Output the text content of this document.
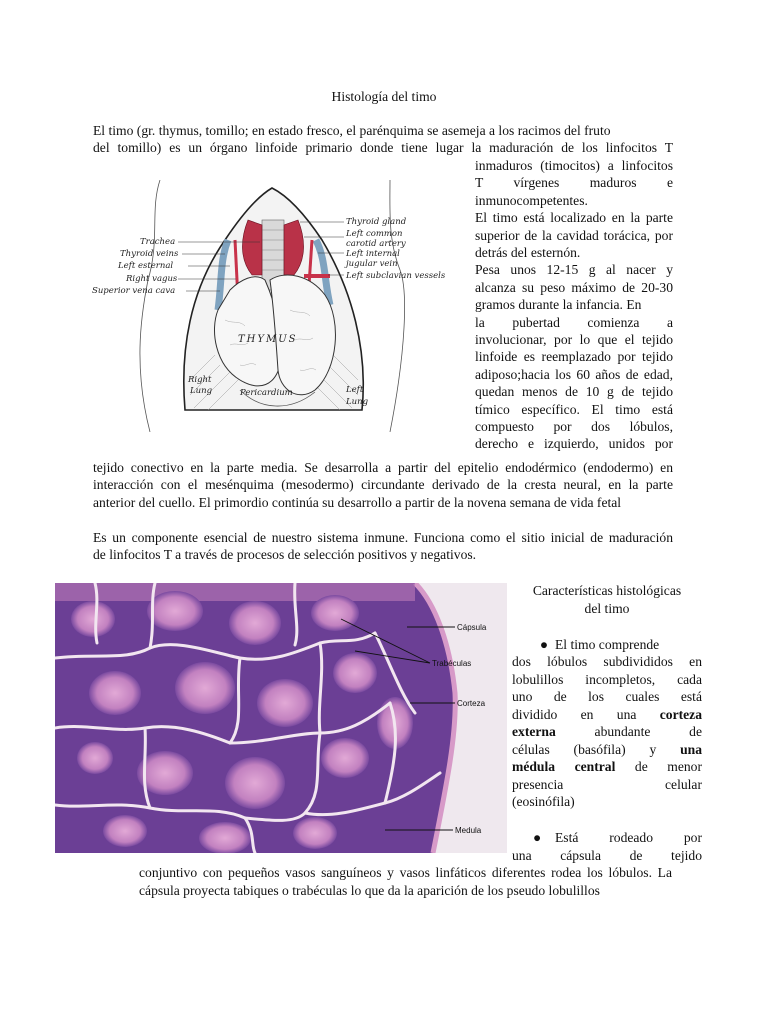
Histología del timo

El timo (gr. thymus, tomillo; en estado fresco, el parénquima se asemeja a los racimos del fruto

del tomillo) es un órgano linfoide primario donde tiene lugar la maduración de los linfocitos T

Trachea
Thyroid veins
Left esternal
Right vagus
Superior vena cava
Thyroid gland
Left common
carotid artery
Left internal
jugular vein
Left subclavian vessels
THYMUS
Right
Lung	Pericardium	Left
Lung
Cápsula
Trabéculas
Corteza
Medula

Características histológicas

del timo

● El timo comprende

dos lóbulos subdivididos en

lobulillos incompletos, cada

uno de los cuales está

dividido en una corteza

externa	abundante de

células (basófila) y una

médula central de menor

presencia celular

(eosinófila)

● Está rodeado por

una cápsula de tejido

conjuntivo con pequeños vasos sanguíneos y vasos linfáticos diferentes rodea los lóbulos. La

cápsula proyecta tabiques o trabéculas lo que da la aparición de los pseudo lobulillos

inmaduros (timocitos) a linfocitos

T vírgenes maduros e

inmunocompetentes.

El timo está localizado en la parte

superior de la cavidad torácica, por

detrás del esternón.

Pesa unos 12-15 g al nacer y

alcanza su peso máximo de 20-30

gramos durante la infancia. En

la pubertad comienza a

involucionar, por lo que el tejido

linfoide es reemplazado por tejido

adiposo;hacia los 60 años de edad,

quedan menos de 10 g de tejido

tímico específico. El timo está

compuesto por dos lóbulos,

derecho e izquierdo, unidos por

tejido conectivo en la parte media. Se desarrolla a partir del epitelio endodérmico (endodermo) en

interacción con el mesénquima (mesodermo) circundante derivado de la cresta neural, en la parte

anterior del cuello. El primordio continúa su desarrollo a partir de la novena semana de vida fetal

Es un componente esencial de nuestro sistema inmune. Funciona como el sitio inicial de maduración

de linfocitos T a través de procesos de selección positivos y negativos.
